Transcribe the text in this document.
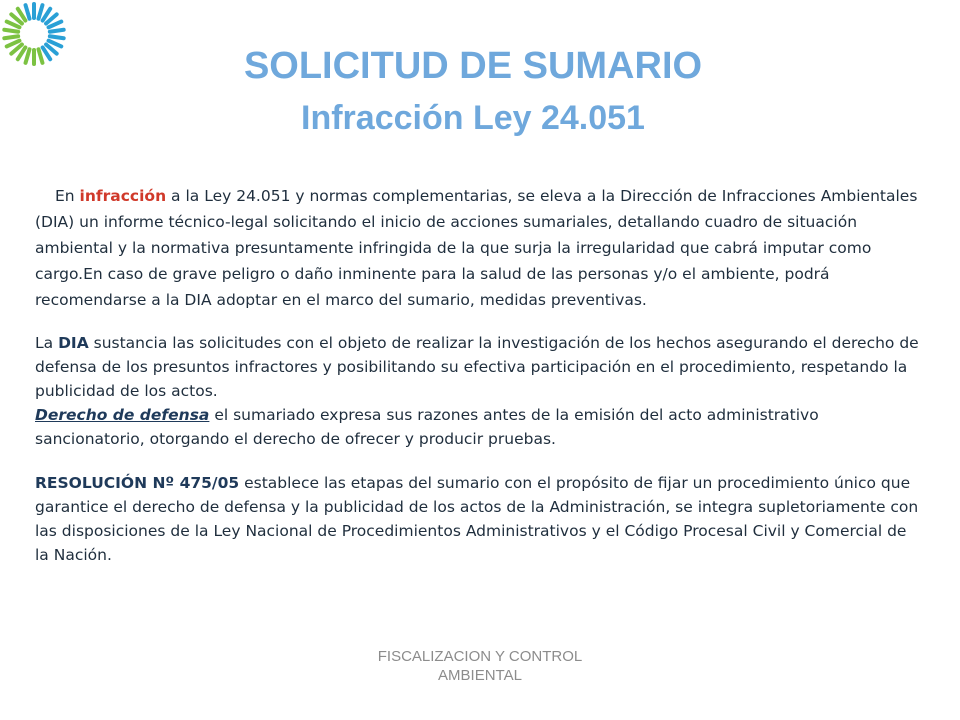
SOLICITUD DE SUMARIO
Infracción Ley 24.051

En infracción a la Ley 24.051 y normas complementarias, se eleva a la Dirección de Infracciones Ambientales (DIA) un informe técnico-legal solicitando el inicio de acciones sumariales, detallando cuadro de situación ambiental y la normativa presuntamente infringida de la que surja la irregularidad que cabrá imputar como cargo.En caso de grave peligro o daño inminente para la salud de las personas y/o el ambiente, podrá recomendarse a la DIA adoptar en el marco del sumario, medidas preventivas.

La DIA sustancia las solicitudes con el objeto de realizar la investigación de los hechos asegurando el derecho de defensa de los presuntos infractores y posibilitando su efectiva participación en el procedimiento, respetando la publicidad de los actos.

Derecho de defensa el sumariado expresa sus razones antes de la emisión del acto administrativo sancionatorio, otorgando el derecho de ofrecer y producir pruebas.

RESOLUCIÓN Nº 475/05 establece las etapas del sumario con el propósito de fijar un procedimiento único que garantice el derecho de defensa y la publicidad de los actos de la Administración, se integra supletoriamente con las disposiciones de la Ley Nacional de Procedimientos Administrativos y el Código Procesal Civil y Comercial de la Nación.

FISCALIZACION Y CONTROL
AMBIENTAL
